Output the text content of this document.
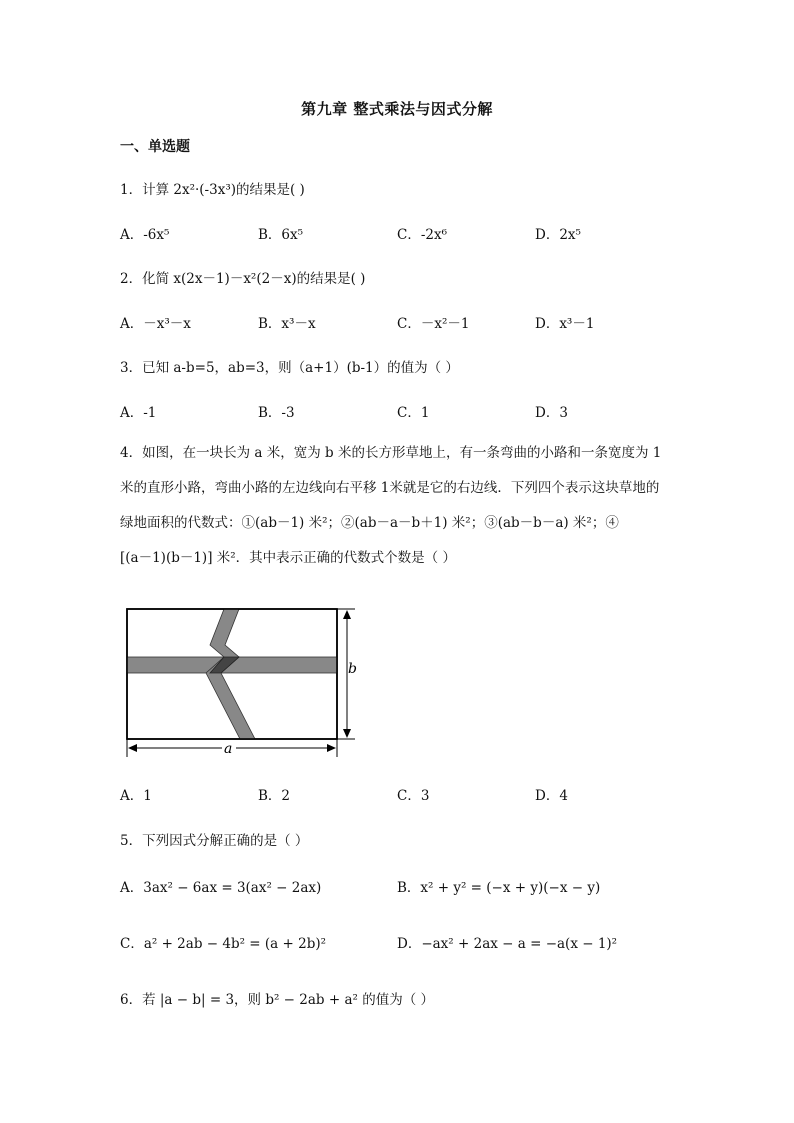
第九章 整式乘法与因式分解
一、单选题
1．计算 2x²·(-3x³)的结果是( )
A．-6x⁵	B．6x⁵	C．-2x⁶	D．2x⁵
2．化简 x(2x－1)－x²(2－x)的结果是( )
A．－x³－x	B．x³－x	C．－x²－1	D．x³－1
3．已知 a-b=5，ab=3，则（a+1）(b-1）的值为（ ）
A．-1	B．-3	C．1	D．3
4．如图，在一块长为 a 米，宽为 b 米的长方形草地上，有一条弯曲的小路和一条宽度为 1
米的直形小路，弯曲小路的左边线向右平移 1米就是它的右边线．下列四个表示这块草地的
绿地面积的代数式：①(ab－1) 米²；②(ab－a－b＋1) 米²；③(ab－b－a) 米²；④
[(a－1)(b－1)] 米²．其中表示正确的代数式个数是（ ）
b
a
A．1	B．2	C．3	D．4
5．下列因式分解正确的是（ ）
A．3ax² − 6ax = 3(ax² − 2ax)	B．x² + y² = (−x + y)(−x − y)
C．a² + 2ab − 4b² = (a + 2b)²	D．−ax² + 2ax − a = −a(x − 1)²
6．若 |a − b| = 3，则 b² − 2ab + a² 的值为（ ）
